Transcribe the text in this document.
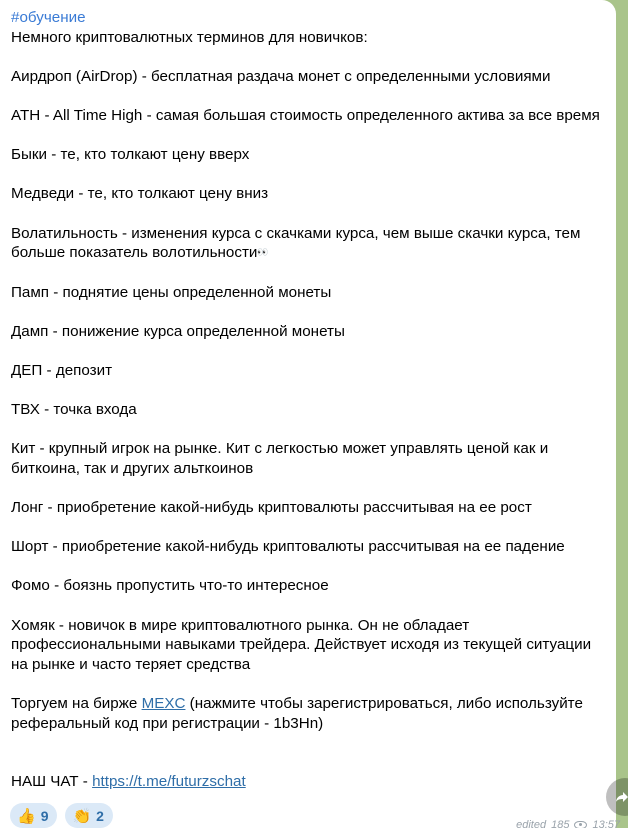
#обучение
Немного криптовалютных терминов для новичков:
Аирдроп (AirDrop) - бесплатная раздача монет с определенными условиями
ATH - All Time High - самая большая стоимость определенного актива за все время
Быки - те, кто толкают цену вверх
Медведи - те, кто толкают цену вниз
Волатильность - изменения курса с скачками курса, чем выше скачки курса, тем
больше показатель волотильности👀
Памп - поднятие цены определенной монеты
Дамп - понижение курса определенной монеты
ДЕП - депозит
ТВХ - точка входа
Кит - крупный игрок на рынке. Кит с легкостью может управлять ценой как и
биткоина, так и других альткоинов
Лонг - приобретение какой-нибудь криптовалюты рассчитывая на ее рост
Шорт - приобретение какой-нибудь криптовалюты рассчитывая на ее падение
Фомо - боязнь пропустить что-то интересное
Хомяк - новичок в мире криптовалютного рынка. Он не обладает
профессиональными навыками трейдера. Действует исходя из текущей ситуации
на рынке и часто теряет средства
Торгуем на бирже MEXC (нажмите чтобы зарегистрироваться, либо используйте
реферальный код при регистрации - 1b3Hn)
НАШ ЧАТ - https://t.me/futurzschat
👍 9 👏 2
edited 185 13:57
